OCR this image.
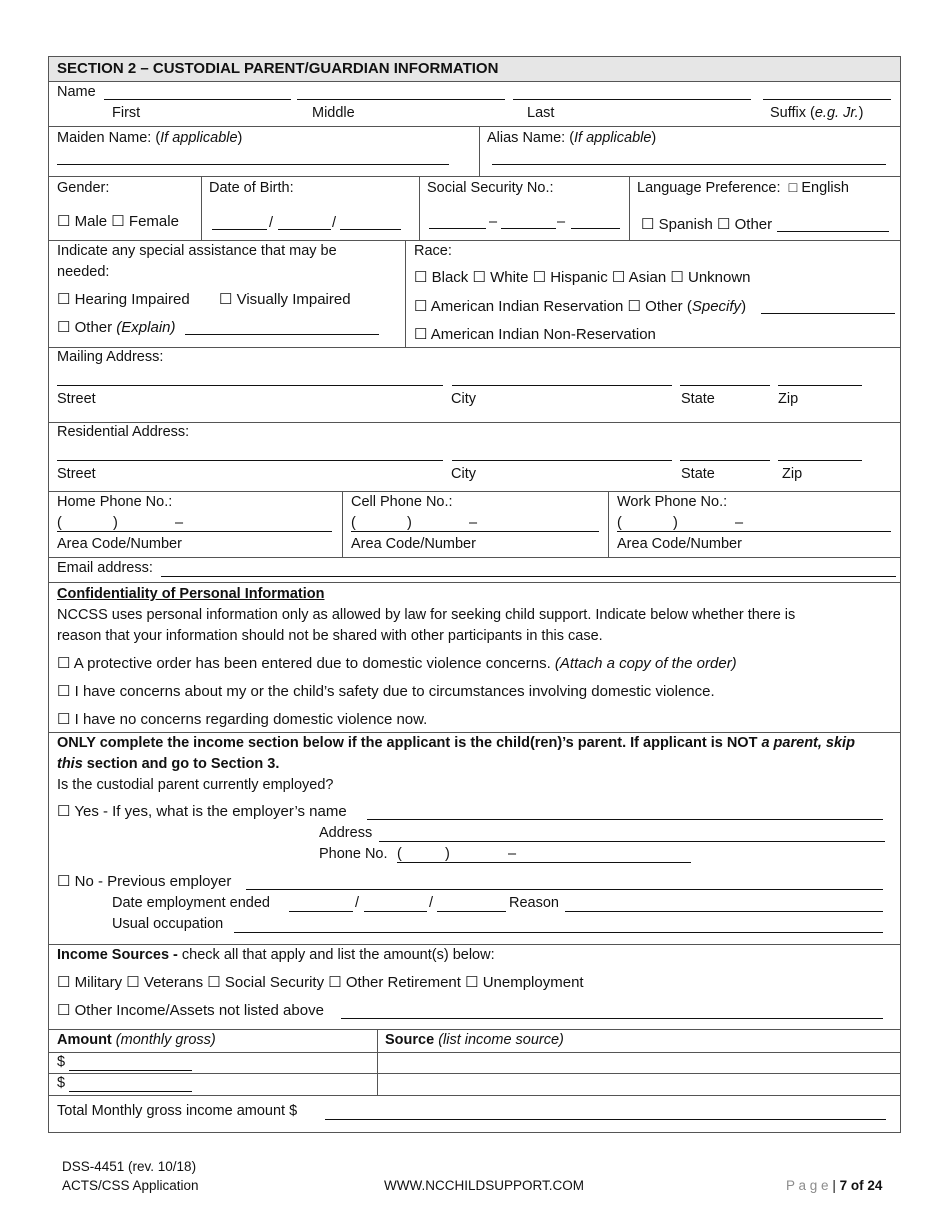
SECTION 2 – CUSTODIAL PARENT/GUARDIAN INFORMATION
Name
First	Middle	Last	Suffix (e.g. Jr.)
Maiden Name: (If applicable)	Alias Name: (If applicable)
Gender:
☐ Male ☐ Female
Date of Birth:
/	/
Social Security No.:
–	–
Language Preference: □ English
☐ Spanish ☐ Other
Indicate any special assistance that may be
needed:
☐ Hearing Impaired ☐ Visually Impaired
☐ Other (Explain)
Race:
☐ Black ☐ White ☐ Hispanic ☐ Asian ☐ Unknown
☐ American Indian Reservation ☐ Other (Specify)
☐ American Indian Non-Reservation
Mailing Address:
Street	City	State	Zip
Residential Address:
Street	City	State	Zip
Home Phone No.:
(	)	–
Area Code/Number
Cell Phone No.:
(	)	–
Area Code/Number
Work Phone No.:
(	)	–
Area Code/Number
Email address:
Confidentiality of Personal Information
NCCSS uses personal information only as allowed by law for seeking child support. Indicate below whether there is
reason that your information should not be shared with other participants in this case.
☐ A protective order has been entered due to domestic violence concerns. (Attach a copy of the order)
☐ I have concerns about my or the child’s safety due to circumstances involving domestic violence.
☐ I have no concerns regarding domestic violence now.
ONLY complete the income section below if the applicant is the child(ren)’s parent. If applicant is NOT a parent, skip
this section and go to Section 3.
Is the custodial parent currently employed?
☐ Yes - If yes, what is the employer’s name
Address
Phone No. (	)	–
☐ No - Previous employer
Date employment ended	/	/	Reason
Usual occupation
Income Sources - check all that apply and list the amount(s) below:
☐ Military ☐ Veterans ☐ Social Security ☐ Other Retirement ☐ Unemployment
☐ Other Income/Assets not listed above
Amount (monthly gross)	Source (list income source)
$
$
Total Monthly gross income amount $
DSS-4451 (rev. 10/18)
ACTS/CSS Application	WWW.NCCHILDSUPPORT.COM	P a g e | 7 of 24
